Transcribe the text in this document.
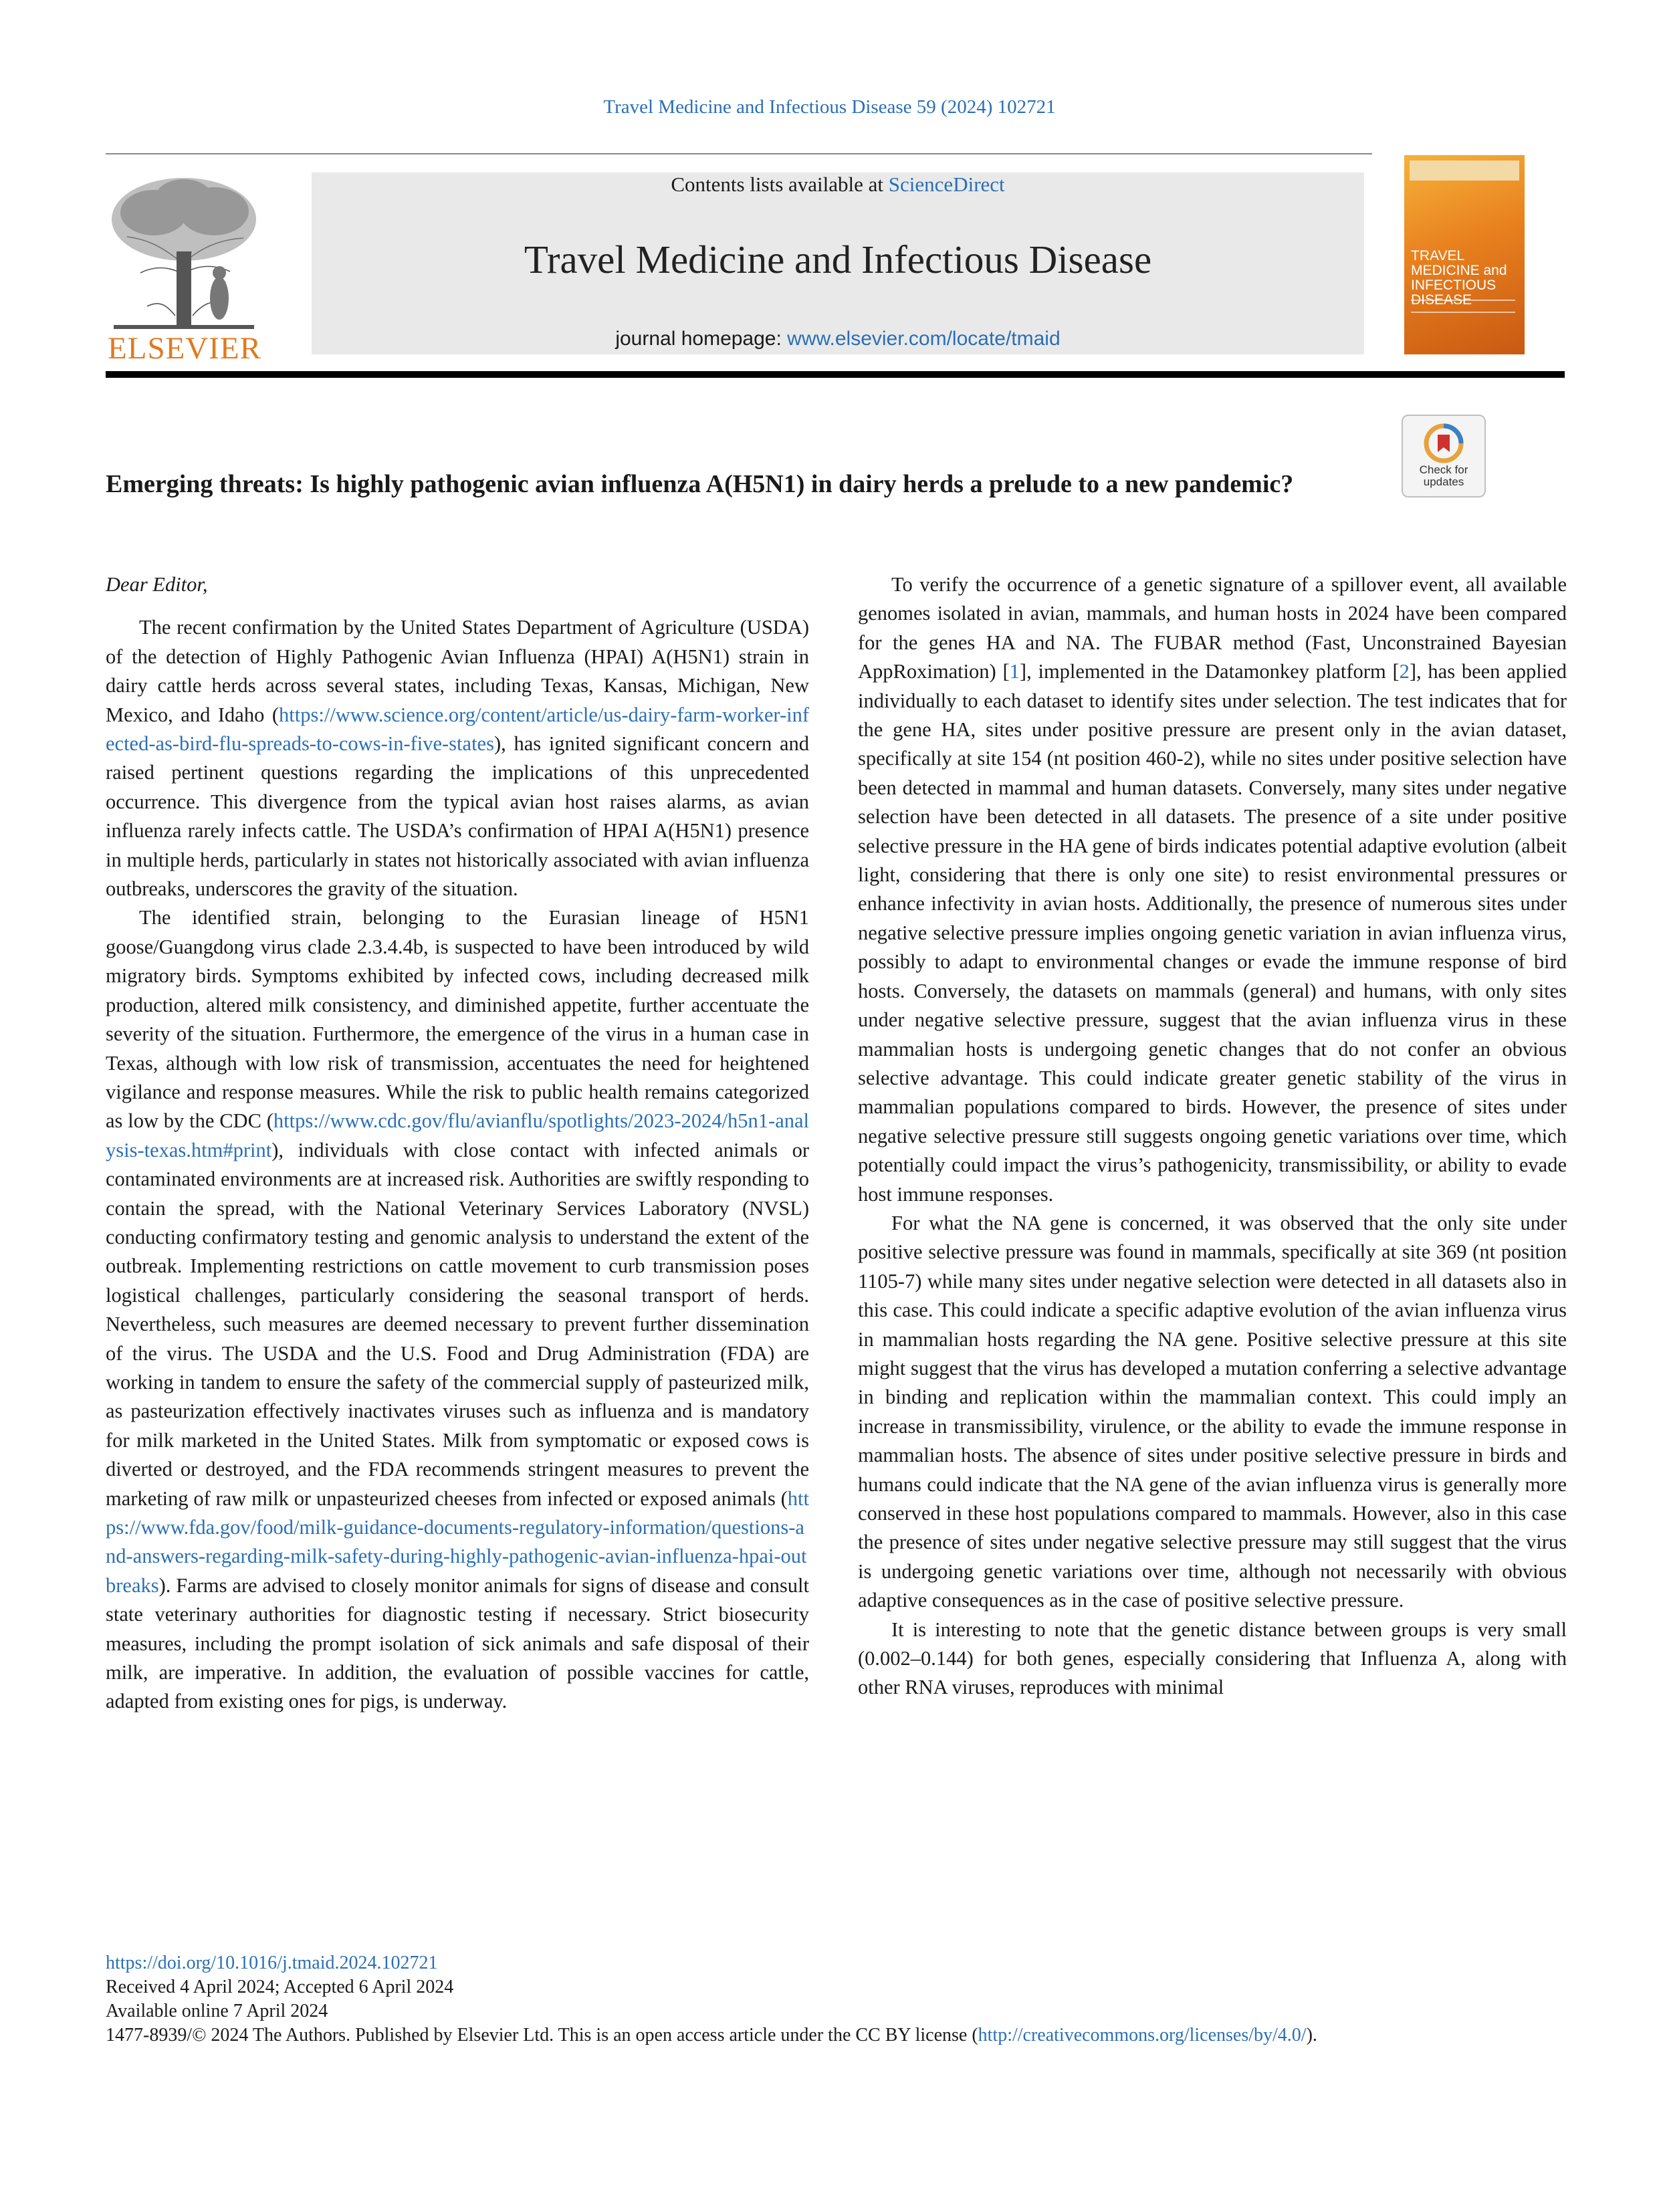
Travel Medicine and Infectious Disease 59 (2024) 102721
ELSEVIER
Contents lists available at ScienceDirect
Travel Medicine and Infectious Disease
journal homepage: www.elsevier.com/locate/tmaid
TRAVEL MEDICINE and INFECTIOUS DISEASE
Check for
updates
Emerging threats: Is highly pathogenic avian influenza A(H5N1) in dairy herds a prelude to a new pandemic?
Dear Editor,

The recent confirmation by the United States Department of Agriculture (USDA) of the detection of Highly Pathogenic Avian Influenza (HPAI) A(H5N1) strain in dairy cattle herds across several states, including Texas, Kansas, Michigan, New Mexico, and Idaho (https://www.science.org/content/article/us-dairy-farm-worker-infected-as-bird-flu-spreads-to-cows-in-five-states), has ignited significant concern and raised pertinent questions regarding the implications of this unprecedented occurrence. This divergence from the typical avian host raises alarms, as avian influenza rarely infects cattle. The USDA’s confirmation of HPAI A(H5N1) presence in multiple herds, particularly in states not historically associated with avian influenza outbreaks, underscores the gravity of the situation.

The identified strain, belonging to the Eurasian lineage of H5N1 goose/Guangdong virus clade 2.3.4.4b, is suspected to have been introduced by wild migratory birds. Symptoms exhibited by infected cows, including decreased milk production, altered milk consistency, and diminished appetite, further accentuate the severity of the situation. Furthermore, the emergence of the virus in a human case in Texas, although with low risk of transmission, accentuates the need for heightened vigilance and response measures. While the risk to public health remains categorized as low by the CDC (https://www.cdc.gov/flu/avianflu/spotlights/2023-2024/h5n1-analysis-texas.htm#print), individuals with close contact with infected animals or contaminated environments are at increased risk. Authorities are swiftly responding to contain the spread, with the National Veterinary Services Laboratory (NVSL) conducting confirmatory testing and genomic analysis to understand the extent of the outbreak. Implementing restrictions on cattle movement to curb transmission poses logistical challenges, particularly considering the seasonal transport of herds. Nevertheless, such measures are deemed necessary to prevent further dissemination of the virus. The USDA and the U.S. Food and Drug Administration (FDA) are working in tandem to ensure the safety of the commercial supply of pasteurized milk, as pasteurization effectively inactivates viruses such as influenza and is mandatory for milk marketed in the United States. Milk from symptomatic or exposed cows is diverted or destroyed, and the FDA recommends stringent measures to prevent the marketing of raw milk or unpasteurized cheeses from infected or exposed animals (https://www.fda.gov/food/milk-guidance-documents-regulatory-information/questions-and-answers-regarding-milk-safety-during-highly-pathogenic-avian-influenza-hpai-outbreaks). Farms are advised to closely monitor animals for signs of disease and consult state veterinary authorities for diagnostic testing if necessary. Strict biosecurity measures, including the prompt isolation of sick animals and safe disposal of their milk, are imperative. In addition, the evaluation of possible vaccines for cattle, adapted from existing ones for pigs, is underway.

To verify the occurrence of a genetic signature of a spillover event, all available genomes isolated in avian, mammals, and human hosts in 2024 have been compared for the genes HA and NA. The FUBAR method (Fast, Unconstrained Bayesian AppRoximation) [1], implemented in the Datamonkey platform [2], has been applied individually to each dataset to identify sites under selection. The test indicates that for the gene HA, sites under positive pressure are present only in the avian dataset, specifically at site 154 (nt position 460-2), while no sites under positive selection have been detected in mammal and human datasets. Conversely, many sites under negative selection have been detected in all datasets. The presence of a site under positive selective pressure in the HA gene of birds indicates potential adaptive evolution (albeit light, considering that there is only one site) to resist environmental pressures or enhance infectivity in avian hosts. Additionally, the presence of numerous sites under negative selective pressure implies ongoing genetic variation in avian influenza virus, possibly to adapt to environmental changes or evade the immune response of bird hosts. Conversely, the datasets on mammals (general) and humans, with only sites under negative selective pressure, suggest that the avian influenza virus in these mammalian hosts is undergoing genetic changes that do not confer an obvious selective advantage. This could indicate greater genetic stability of the virus in mammalian populations compared to birds. However, the presence of sites under negative selective pressure still suggests ongoing genetic variations over time, which potentially could impact the virus’s pathogenicity, transmissibility, or ability to evade host immune responses.

For what the NA gene is concerned, it was observed that the only site under positive selective pressure was found in mammals, specifically at site 369 (nt position 1105-7) while many sites under negative selection were detected in all datasets also in this case. This could indicate a specific adaptive evolution of the avian influenza virus in mammalian hosts regarding the NA gene. Positive selective pressure at this site might suggest that the virus has developed a mutation conferring a selective advantage in binding and replication within the mammalian context. This could imply an increase in transmissibility, virulence, or the ability to evade the immune response in mammalian hosts. The absence of sites under positive selective pressure in birds and humans could indicate that the NA gene of the avian influenza virus is generally more conserved in these host populations compared to mammals. However, also in this case the presence of sites under negative selective pressure may still suggest that the virus is undergoing genetic variations over time, although not necessarily with obvious adaptive consequences as in the case of positive selective pressure.

It is interesting to note that the genetic distance between groups is very small (0.002–0.144) for both genes, especially considering that Influenza A, along with other RNA viruses, reproduces with minimal

https://doi.org/10.1016/j.tmaid.2024.102721
Received 4 April 2024; Accepted 6 April 2024
Available online 7 April 2024
1477-8939/© 2024 The Authors. Published by Elsevier Ltd. This is an open access article under the CC BY license (http://creativecommons.org/licenses/by/4.0/).
